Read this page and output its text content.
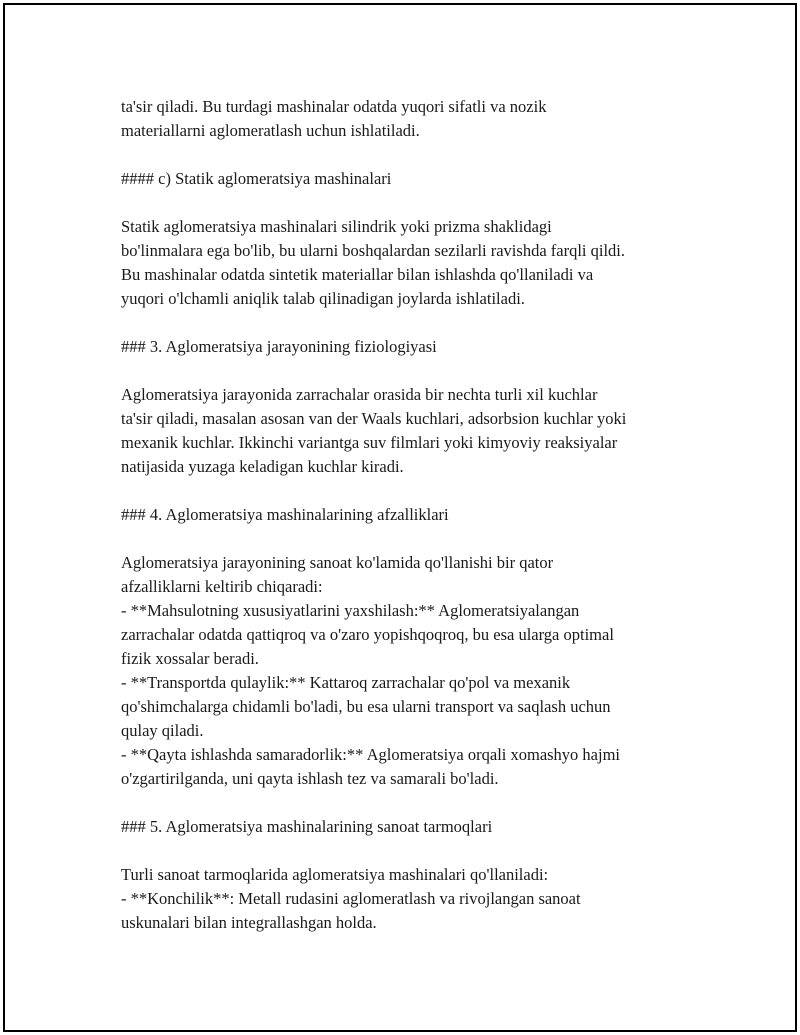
ta'sir qiladi. Bu turdagi mashinalar odatda yuqori sifatli va nozik
materiallarni aglomeratlash uchun ishlatiladi.
#### c) Statik aglomeratsiya mashinalari
Statik aglomeratsiya mashinalari silindrik yoki prizma shaklidagi
bo'linmalara ega bo'lib, bu ularni boshqalardan sezilarli ravishda farqli qildi.
Bu mashinalar odatda sintetik materiallar bilan ishlashda qo'llaniladi va
yuqori o'lchamli aniqlik talab qilinadigan joylarda ishlatiladi.
### 3. Aglomeratsiya jarayonining fiziologiyasi
Aglomeratsiya jarayonida zarrachalar orasida bir nechta turli xil kuchlar
ta'sir qiladi, masalan asosan van der Waals kuchlari, adsorbsion kuchlar yoki
mexanik kuchlar. Ikkinchi variantga suv filmlari yoki kimyoviy reaksiyalar
natijasida yuzaga keladigan kuchlar kiradi.
### 4. Aglomeratsiya mashinalarining afzalliklari
Aglomeratsiya jarayonining sanoat ko'lamida qo'llanishi bir qator
afzalliklarni keltirib chiqaradi:
- **Mahsulotning xususiyatlarini yaxshilash:** Aglomeratsiyalangan
zarrachalar odatda qattiqroq va o'zaro yopishqoqroq, bu esa ularga optimal
fizik xossalar beradi.
- **Transportda qulaylik:** Kattaroq zarrachalar qo'pol va mexanik
qo'shimchalarga chidamli bo'ladi, bu esa ularni transport va saqlash uchun
qulay qiladi.
- **Qayta ishlashda samaradorlik:** Aglomeratsiya orqali xomashyo hajmi
o'zgartirilganda, uni qayta ishlash tez va samarali bo'ladi.
### 5. Aglomeratsiya mashinalarining sanoat tarmoqlari
Turli sanoat tarmoqlarida aglomeratsiya mashinalari qo'llaniladi:
- **Konchilik**: Metall rudasini aglomeratlash va rivojlangan sanoat
uskunalari bilan integrallashgan holda.
